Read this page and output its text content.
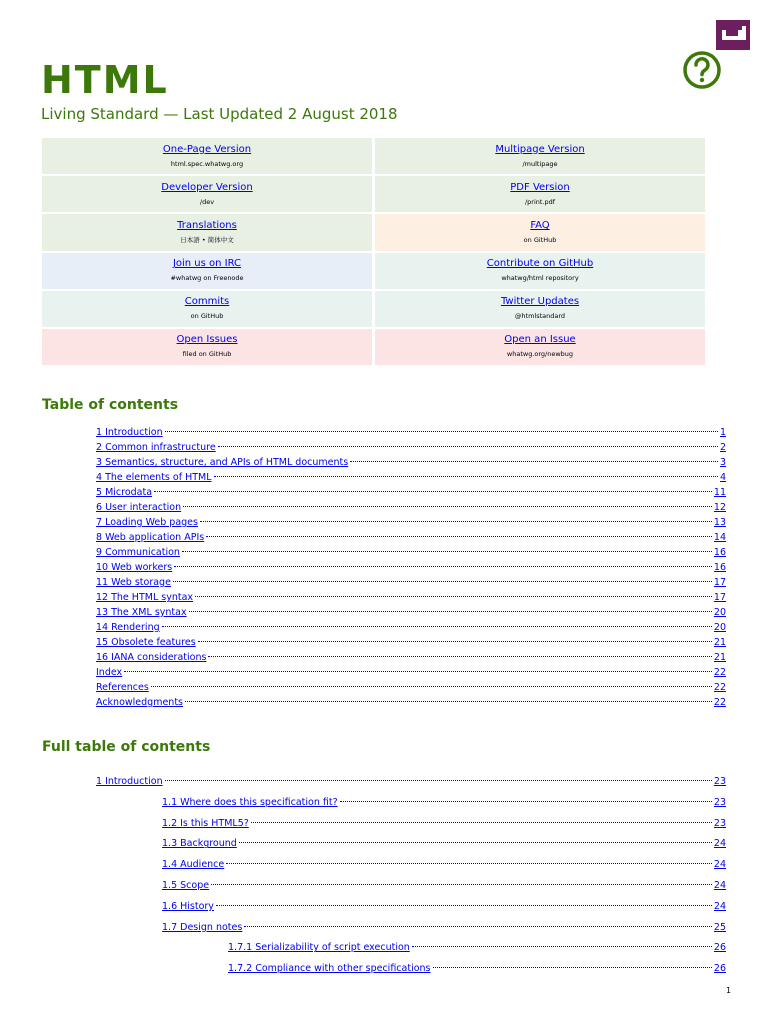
HTML
Living Standard — Last Updated 2 August 2018
One-Page Version
html.spec.whatwg.org
Multipage Version
/multipage
Developer Version
/dev
PDF Version
/print.pdf
Translations
日本語 • 简体中文
FAQ
on GitHub
Join us on IRC
#whatwg on Freenode
Contribute on GitHub
whatwg/html repository
Commits
on GitHub
Twitter Updates
@htmlstandard
Open Issues
filed on GitHub
Open an Issue
whatwg.org/newbug
Table of contents
1 Introduction	1
2 Common infrastructure	2
3 Semantics, structure, and APIs of HTML documents	3
4 The elements of HTML	4
5 Microdata	11
6 User interaction	12
7 Loading Web pages	13
8 Web application APIs	14
9 Communication	16
10 Web workers	16
11 Web storage	17
12 The HTML syntax	17
13 The XML syntax	20
14 Rendering	20
15 Obsolete features	21
16 IANA considerations	21
Index	22
References	22
Acknowledgments	22
Full table of contents
1 Introduction	23
1.1 Where does this specification fit?	23
1.2 Is this HTML5?	23
1.3 Background	24
1.4 Audience	24
1.5 Scope	24
1.6 History	24
1.7 Design notes	25
1.7.1 Serializability of script execution	26
1.7.2 Compliance with other specifications	26
1
